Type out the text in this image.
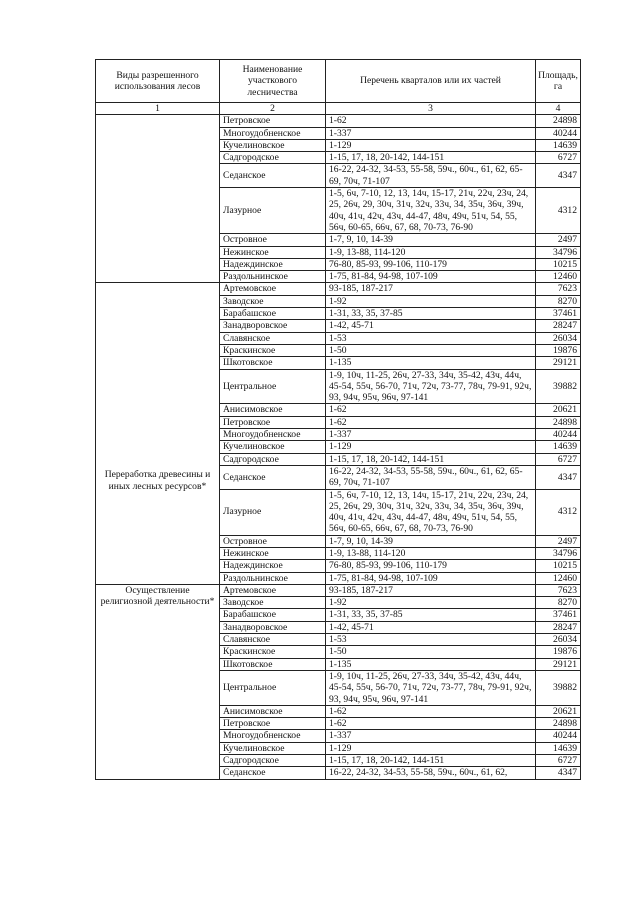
Виды разрешенного использования лесов	Наименование участкового лесничества	Перечень кварталов или их частей	Площадь, га
1	2	3	4
	Петровское	1-62	24898
	Многоудобненское	1-337	40244
	Кучелиновское	1-129	14639
	Садгородское	1-15, 17, 18, 20-142, 144-151	6727
	Седанское	16-22, 24-32, 34-53, 55-58, 59ч., 60ч., 61, 62, 65-69, 70ч, 71-107	4347
	Лазурное	1-5, 6ч, 7-10, 12, 13, 14ч, 15-17, 21ч, 22ч, 23ч, 24, 25, 26ч, 29, 30ч, 31ч, 32ч, 33ч, 34, 35ч, 36ч, 39ч, 40ч, 41ч, 42ч, 43ч, 44-47, 48ч, 49ч, 51ч, 54, 55, 56ч, 60-65, 66ч, 67, 68, 70-73, 76-90	4312
	Островное	1-7, 9, 10, 14-39	2497
	Нежинское	1-9, 13-88, 114-120	34796
	Надеждинское	76-80, 85-93, 99-106, 110-179	10215
	Раздольнинское	1-75, 81-84, 94-98, 107-109	12460
Переработка древесины и иных лесных ресурсов*	Артемовское	93-185, 187-217	7623
	Заводское	1-92	8270
	Барабашское	1-31, 33, 35, 37-85	37461
	Занадворовское	1-42, 45-71	28247
	Славянское	1-53	26034
	Краскинское	1-50	19876
	Шкотовское	1-135	29121
	Центральное	1-9, 10ч, 11-25, 26ч, 27-33, 34ч, 35-42, 43ч, 44ч, 45-54, 55ч, 56-70, 71ч, 72ч, 73-77, 78ч, 79-91, 92ч, 93, 94ч, 95ч, 96ч, 97-141	39882
	Анисимовское	1-62	20621
	Петровское	1-62	24898
	Многоудобненское	1-337	40244
	Кучелиновское	1-129	14639
	Садгородское	1-15, 17, 18, 20-142, 144-151	6727
	Седанское	16-22, 24-32, 34-53, 55-58, 59ч., 60ч., 61, 62, 65-69, 70ч, 71-107	4347
	Лазурное	1-5, 6ч, 7-10, 12, 13, 14ч, 15-17, 21ч, 22ч, 23ч, 24, 25, 26ч, 29, 30ч, 31ч, 32ч, 33ч, 34, 35ч, 36ч, 39ч, 40ч, 41ч, 42ч, 43ч, 44-47, 48ч, 49ч, 51ч, 54, 55, 56ч, 60-65, 66ч, 67, 68, 70-73, 76-90	4312
	Островное	1-7, 9, 10, 14-39	2497
	Нежинское	1-9, 13-88, 114-120	34796
	Надеждинское	76-80, 85-93, 99-106, 110-179	10215
	Раздольнинское	1-75, 81-84, 94-98, 107-109	12460
Осуществление религиозной деятельности*	Артемовское	93-185, 187-217	7623
	Заводское	1-92	8270
	Барабашское	1-31, 33, 35, 37-85	37461
	Занадворовское	1-42, 45-71	28247
	Славянское	1-53	26034
	Краскинское	1-50	19876
	Шкотовское	1-135	29121
	Центральное	1-9, 10ч, 11-25, 26ч, 27-33, 34ч, 35-42, 43ч, 44ч, 45-54, 55ч, 56-70, 71ч, 72ч, 73-77, 78ч, 79-91, 92ч, 93, 94ч, 95ч, 96ч, 97-141	39882
	Анисимовское	1-62	20621
	Петровское	1-62	24898
	Многоудобненское	1-337	40244
	Кучелиновское	1-129	14639
	Садгородское	1-15, 17, 18, 20-142, 144-151	6727
	Седанское	16-22, 24-32, 34-53, 55-58, 59ч., 60ч., 61, 62,	4347
